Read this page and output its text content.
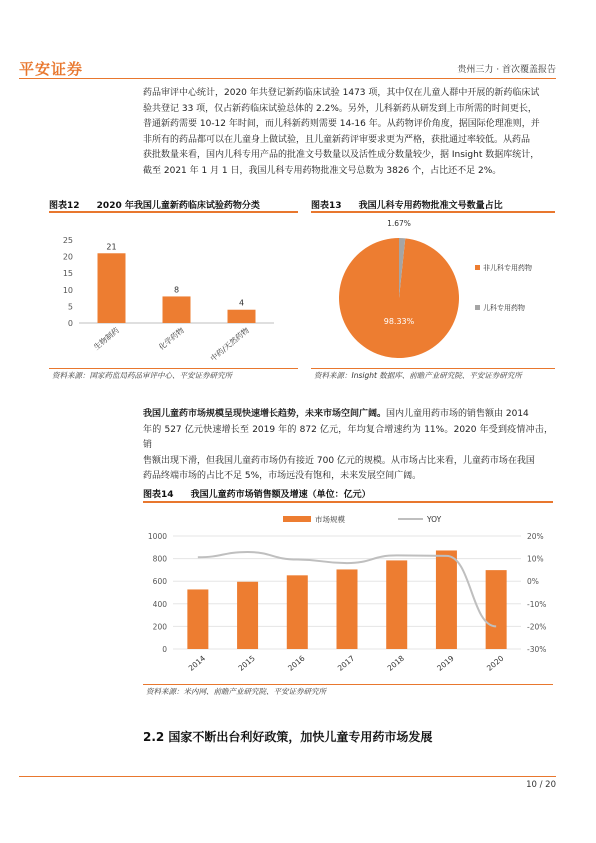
平安证券	贵州三力 · 首次覆盖报告
药品审评中心统计，2020 年共登记新药临床试验 1473 项，其中仅在儿童人群中开展的新药临床试
验共登记 33 项，仅占新药临床试验总体的 2.2%。另外，儿科新药从研发到上市所需的时间更长，
普通新药需要 10-12 年时间，而儿科新药则需要 14-16 年。从药物评价角度，据国际伦理准则，并
非所有的药品都可以在儿童身上做试验，且儿童新药评审要求更为严格，获批通过率较低。从药品
获批数量来看，国内儿科专用产品的批准文号数量以及活性成分数量较少，据 Insight 数据库统计，
截至 2021 年 1 月 1 日，我国儿科专用药物批准文号总数为 3826 个，占比还不足 2%。
图表12 2020 年我国儿童新药临床试验药物分类
0
5
10
15
20
25
21
生物制药
8
化学药物
4
中药/天然药物
资料来源：国家药监局药品审评中心、平安证券研究所
图表13 我国儿科专用药物批准文号数量占比
98.33%
1.67%
非儿科专用药物
儿科专用药物
资料来源：Insight 数据库、前瞻产业研究院、平安证券研究所
我国儿童药市场规模呈现快速增长趋势，未来市场空间广阔。国内儿童用药市场的销售额由 2014
年的 527 亿元快速增长至 2019 年的 872 亿元，年均复合增速约为 11%。2020 年受到疫情冲击，销
售额出现下滑，但我国儿童药市场仍有接近 700 亿元的规模。从市场占比来看，儿童药市场在我国
药品终端市场的占比不足 5%，市场远没有饱和，未来发展空间广阔。
图表14 我国儿童药市场销售额及增速（单位：亿元）
0
200
400
600
800
1000
-30%
-20%
-10%
0%
10%
20%
2014	2015	2016	2017	2018	2019	2020
市场规模	YOY
资料来源：米内网、前瞻产业研究院、平安证券研究所
2.2 国家不断出台利好政策，加快儿童专用药市场发展
10 / 20
